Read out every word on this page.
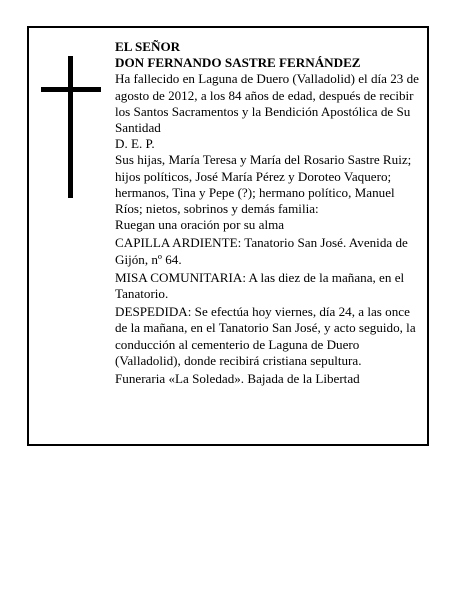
EL SEÑOR

DON FERNANDO SASTRE FERNÁNDEZ

Ha fallecido en Laguna de Duero (Valladolid) el día 23 de agosto de 2012, a los 84 años de edad, después de recibir los Santos Sacramentos y la Bendición Apostólica de Su Santidad

D. E. P.

Sus hijas, María Teresa y María del Rosario Sastre Ruiz; hijos políticos, José María Pérez y Doroteo Vaquero; hermanos, Tina y Pepe (?); hermano político, Manuel Ríos; nietos, sobrinos y demás familia:

Ruegan una oración por su alma

CAPILLA ARDIENTE: Tanatorio San José. Avenida de Gijón, nº 64.

MISA COMUNITARIA: A las diez de la mañana, en el Tanatorio.

DESPEDIDA: Se efectúa hoy viernes, día 24, a las once de la mañana, en el Tanatorio San José, y acto seguido, la conducción al cementerio de Laguna de Duero (Valladolid), donde recibirá cristiana sepultura.

Funeraria «La Soledad». Bajada de la Libertad
